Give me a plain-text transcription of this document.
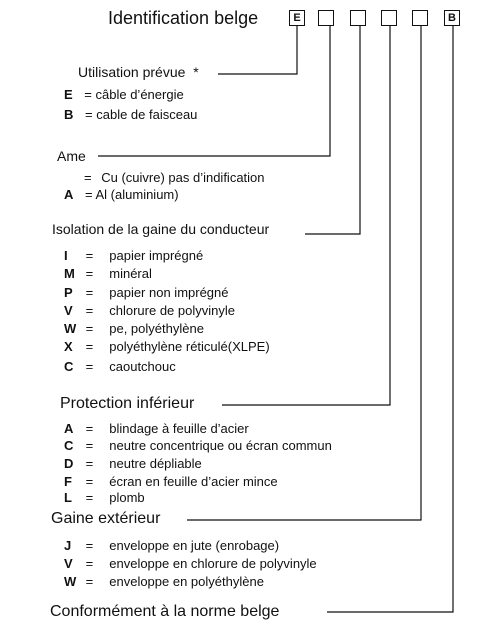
Identification belge	E	B
Utilisation prévue *
E = câble d’énergie
B = cable de faisceau
Ame
= Cu (cuivre) pas d’indification
A = Al (aluminium)
Isolation de la gaine du conducteur
I = papier imprégné
M = minéral
P = papier non imprégné
V = chlorure de polyvinyle
W = pe, polyéthylène
X = polyéthylène réticulé(XLPE)
C = caoutchouc
Protection inférieur
A = blindage à feuille d’acier
C = neutre concentrique ou écran commun
D = neutre dépliable
F = écran en feuille d’acier mince
L = plomb
Gaine extérieur
J = enveloppe en jute (enrobage)
V = enveloppe en chlorure de polyvinyle
W = enveloppe en polyéthylène
Conformément à la norme belge
